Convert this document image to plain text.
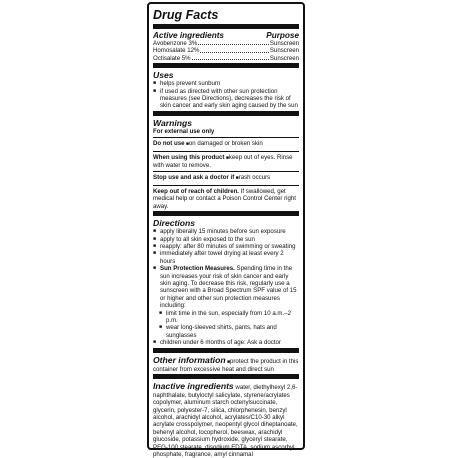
Drug Facts
Active ingredients	Purpose
Avobenzone 3%	Sunscreen
Homosalate 12%	Sunscreen
Octisalate 5%	Sunscreen
Uses
■ helps prevent sunburn
■ if used as directed with other sun protection measures (see Directions), decreases the risk of skin cancer and early skin aging caused by the sun
Warnings
For external use only
Do not use ■ on damaged or broken skin
When using this product ■ keep out of eyes. Rinse with water to remove.
Stop use and ask a doctor if ■ rash occurs
Keep out of reach of children. If swallowed, get medical help or contact a Poison Control Center right away.
Directions
■ apply liberally 15 minutes before sun exposure
■ apply to all skin exposed to the sun
■ reapply: after 80 minutes of swimming or sweating
■ immediately after towel drying at least every 2 hours
■ Sun Protection Measures. Spending time in the sun increases your risk of skin cancer and early skin aging. To decrease this risk, regularly use a sunscreen with a Broad Spectrum SPF value of 15 or higher and other sun protection measures including:
■ limit time in the sun, especially from 10 a.m.–2 p.m.
■ wear long-sleeved shirts, pants, hats and sunglasses
■ children under 6 months of age: Ask a doctor
Other information ■ protect the product in this container from excessive heat and direct sun
Inactive ingredients water, diethylhexyl 2,6-naphthalate, butyloctyl salicylate, styrene/acrylates copolymer, aluminum starch octenylsuccinate, glycerin, polyester-7, silica, chlorphenesin, benzyl alcohol, arachidyl alcohol, acrylates/C10-30 alkyl acrylate crosspolymer, neopentyl glycol diheptanoate, behenyl alcohol, tocopherol, beeswax, arachidyl glucoside, potassium hydroxide, glyceryl stearate, PEG-100 stearate, disodium EDTA, sodium ascorbyl phosphate, fragrance, amyl cinnamal
